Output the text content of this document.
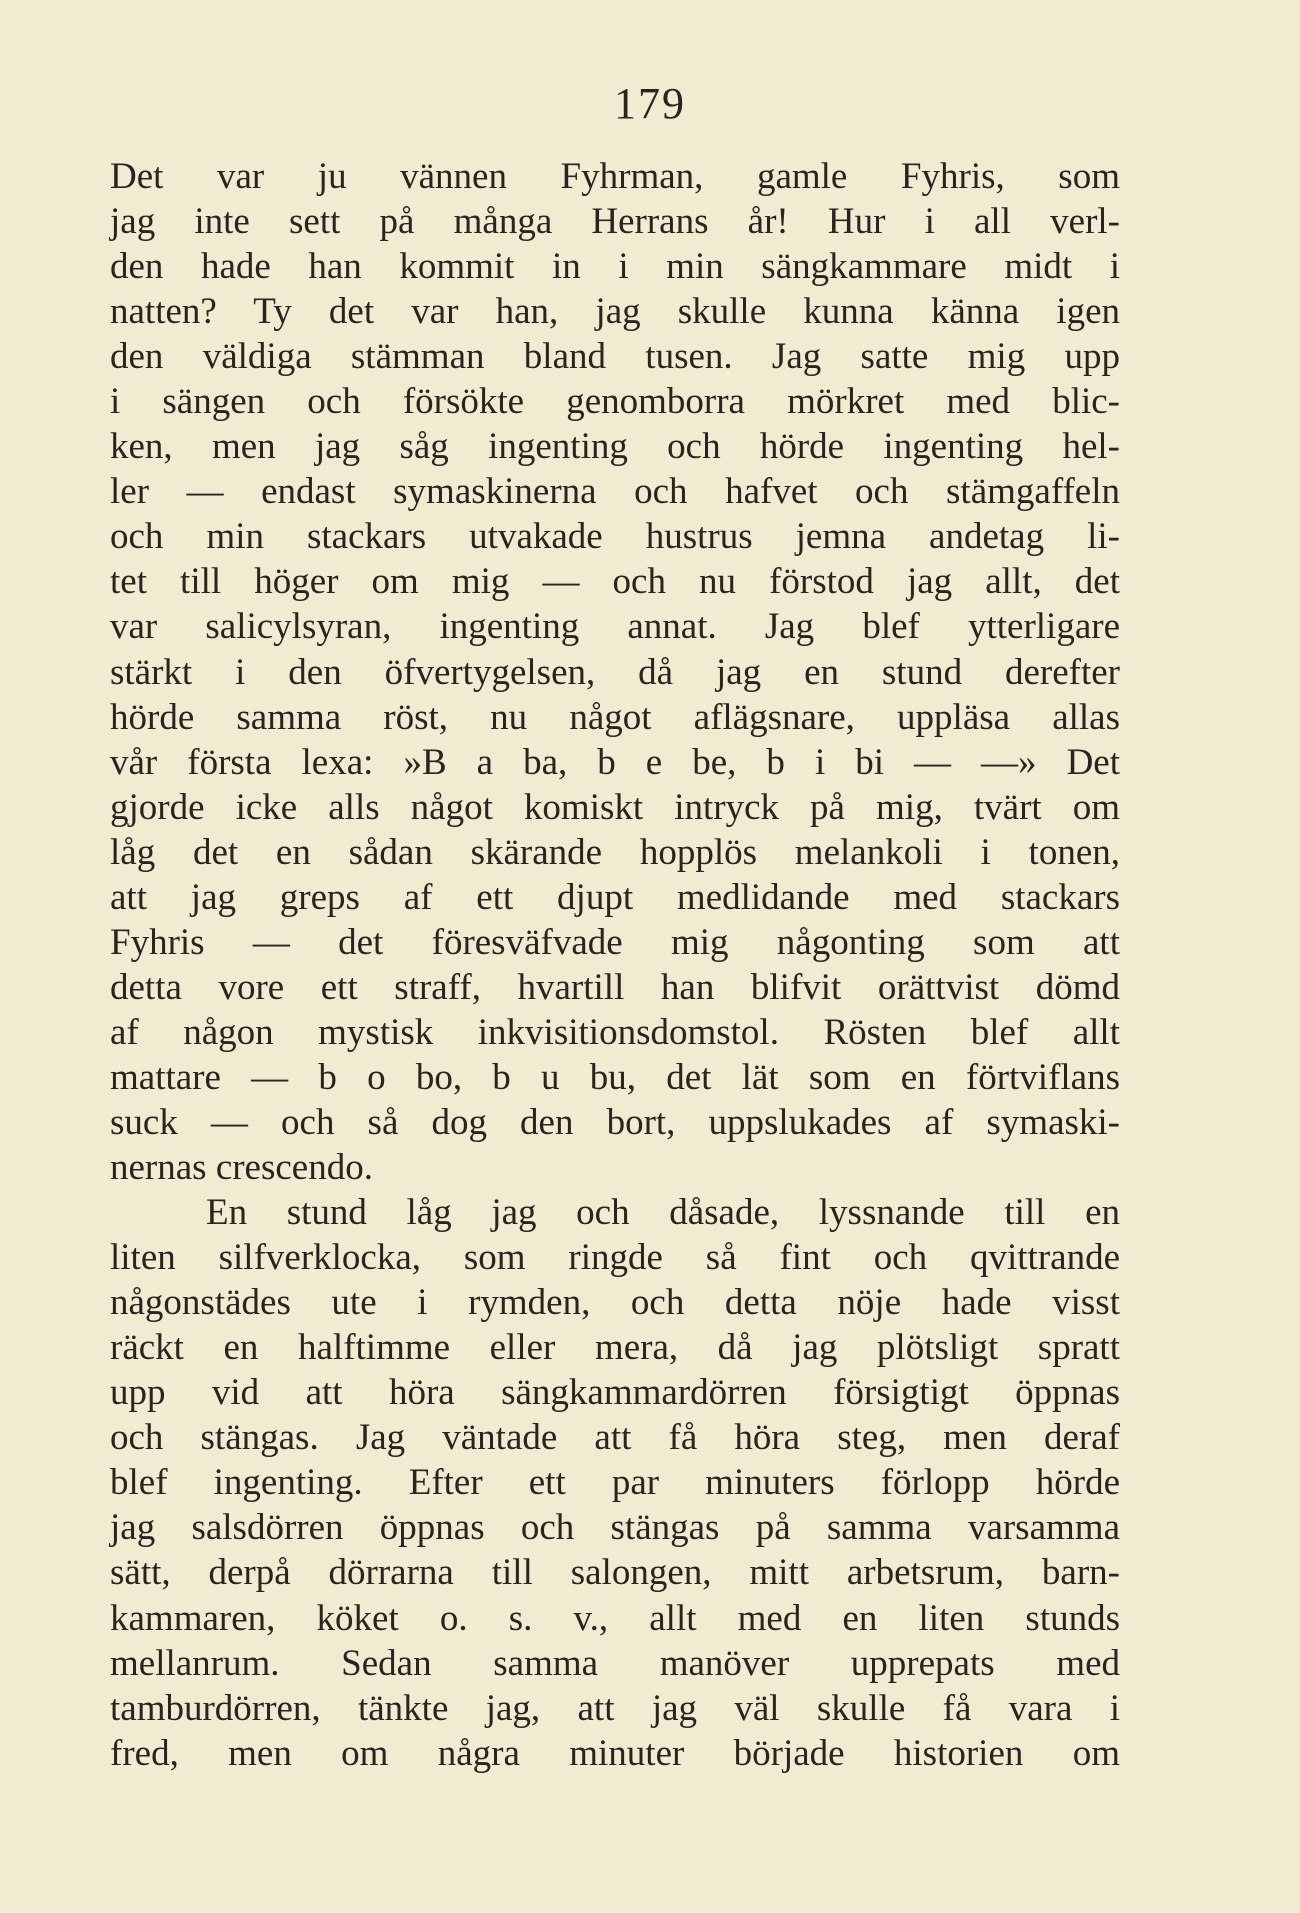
179
Det var ju vännen Fyhrman, gamle Fyhris, som
jag inte sett på många Herrans år! Hur i all verl-
den hade han kommit in i min sängkammare midt i
natten? Ty det var han, jag skulle kunna känna igen
den väldiga stämman bland tusen. Jag satte mig upp
i sängen och försökte genomborra mörkret med blic-
ken, men jag såg ingenting och hörde ingenting hel-
ler — endast symaskinerna och hafvet och stämgaffeln
och min stackars utvakade hustrus jemna andetag li-
tet till höger om mig — och nu förstod jag allt, det
var salicylsyran, ingenting annat. Jag blef ytterligare
stärkt i den öfvertygelsen, då jag en stund derefter
hörde samma röst, nu något aflägsnare, uppläsa allas
vår första lexa: »B a ba, b e be, b i bi — —» Det
gjorde icke alls något komiskt intryck på mig, tvärt om
låg det en sådan skärande hopplös melankoli i tonen,
att jag greps af ett djupt medlidande med stackars
Fyhris — det föresväfvade mig någonting som att
detta vore ett straff, hvartill han blifvit orättvist dömd
af någon mystisk inkvisitionsdomstol. Rösten blef allt
mattare — b o bo, b u bu, det lät som en förtviflans
suck — och så dog den bort, uppslukades af symaski-
nernas crescendo.
En stund låg jag och dåsade, lyssnande till en
liten silfverklocka, som ringde så fint och qvittrande
någonstädes ute i rymden, och detta nöje hade visst
räckt en halftimme eller mera, då jag plötsligt spratt
upp vid att höra sängkammardörren försigtigt öppnas
och stängas. Jag väntade att få höra steg, men deraf
blef ingenting. Efter ett par minuters förlopp hörde
jag salsdörren öppnas och stängas på samma varsamma
sätt, derpå dörrarna till salongen, mitt arbetsrum, barn-
kammaren, köket o. s. v., allt med en liten stunds
mellanrum. Sedan samma manöver upprepats med
tamburdörren, tänkte jag, att jag väl skulle få vara i
fred, men om några minuter började historien om
